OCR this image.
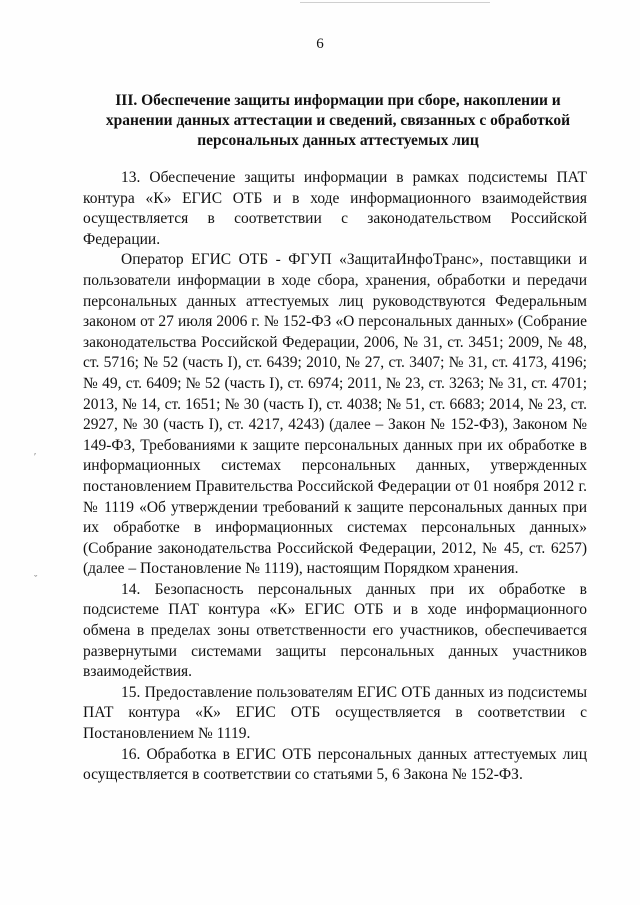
6
III. Обеспечение защиты информации при сборе, накоплении и
хранении данных аттестации и сведений, связанных с обработкой
персональных данных аттестуемых лиц

13. Обеспечение защиты информации в рамках подсистемы ПАТ контура «К» ЕГИС ОТБ и в ходе информационного взаимодействия осуществляется в соответствии с законодательством Российской Федерации.

Оператор ЕГИС ОТБ - ФГУП «ЗащитаИнфоТранс», поставщики и пользователи информации в ходе сбора, хранения, обработки и передачи персональных данных аттестуемых лиц руководствуются Федеральным законом от 27 июля 2006 г. № 152-ФЗ «О персональных данных» (Собрание законодательства Российской Федерации, 2006, № 31, ст. 3451; 2009, № 48, ст. 5716; № 52 (часть I), ст. 6439; 2010, № 27, ст. 3407; № 31, ст. 4173, 4196; № 49, ст. 6409; № 52 (часть I), ст. 6974; 2011, № 23, ст. 3263; № 31, ст. 4701; 2013, № 14, ст. 1651; № 30 (часть I), ст. 4038; № 51, ст. 6683; 2014, № 23, ст. 2927, № 30 (часть I), ст. 4217, 4243) (далее – Закон № 152-ФЗ), Законом № 149-ФЗ, Требованиями к защите персональных данных при их обработке в информационных системах персональных данных, утвержденных постановлением Правительства Российской Федерации от 01 ноября 2012 г. № 1119 «Об утверждении требований к защите персональных данных при их обработке в информационных системах персональных данных» (Собрание законодательства Российской Федерации, 2012, № 45, ст. 6257) (далее – Постановление № 1119), настоящим Порядком хранения.

14. Безопасность персональных данных при их обработке в подсистеме ПАТ контура «К» ЕГИС ОТБ и в ходе информационного обмена в пределах зоны ответственности его участников, обеспечивается развернутыми системами защиты персональных данных участников взаимодействия.

15. Предоставление пользователям ЕГИС ОТБ данных из подсистемы ПАТ контура «К» ЕГИС ОТБ осуществляется в соответствии с Постановлением № 1119.

16. Обработка в ЕГИС ОТБ персональных данных аттестуемых лиц осуществляется в соответствии со статьями 5, 6 Закона № 152-ФЗ.

′
ˬ
